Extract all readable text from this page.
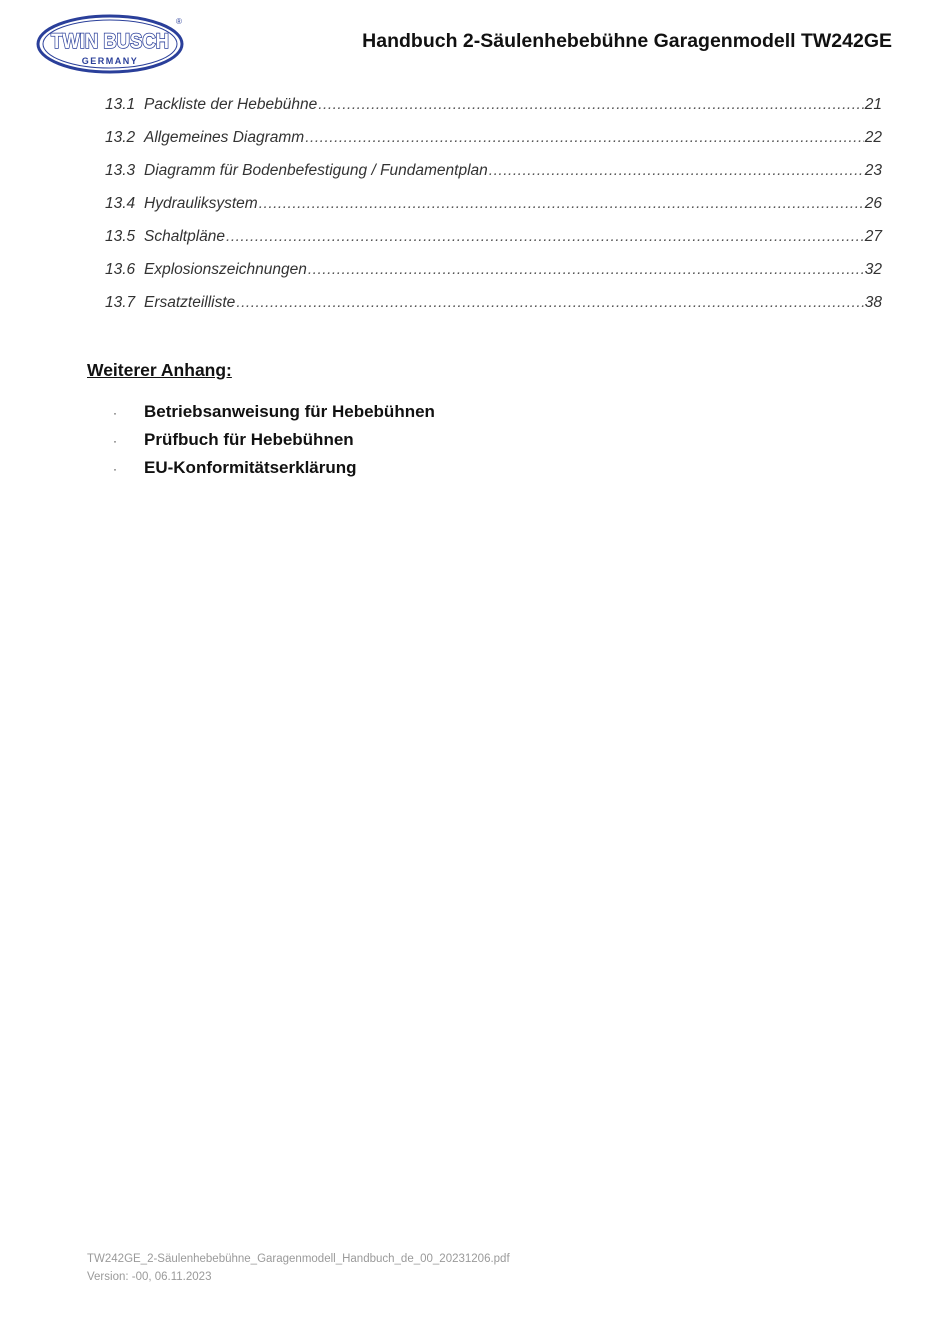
TWIN BUSCH
GERMANY
®
Handbuch 2-Säulenhebebühne Garagenmodell TW242GE
13.1 Packliste der Hebebühne .....	21
13.2 Allgemeines Diagramm .....	22
13.3 Diagramm für Bodenbefestigung / Fundamentplan .....	23
13.4 Hydrauliksystem .....	26
13.5 Schaltpläne .....	27
13.6 Explosionszeichnungen .....	32
13.7 Ersatzteilliste .....	38
Weiterer Anhang:
·	Betriebsanweisung für Hebebühnen
·	Prüfbuch für Hebebühnen
·	EU-Konformitätserklärung
TW242GE_2-Säulenhebebühne_Garagenmodell_Handbuch_de_00_20231206.pdf
Version: -00, 06.11.2023
